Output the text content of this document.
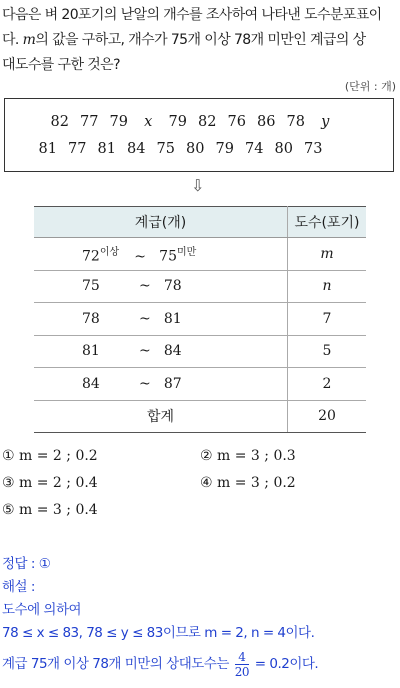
다음은 벼 20포기의 낟알의 개수를 조사하여 나타낸 도수분포표이
다. m의 값을 구하고, 개수가 75개 이상 78개 미만인 계급의 상
대도수를 구한 것은?
(단위 : 개)
82 77 79	x	79 82 76 86 78	y
81 77 81 84 75 80 79 74 80 73
⇩
계급(개)	도수(포기)
$72^{이상}$ ~ $75^{미만}$	m
75 ~ 78	n
78 ~ 81	7
81 ~ 84	5
84 ~ 87	2
합계	20
① m = 2 ; 0.2	② m = 3 ; 0.3
③ m = 2 ; 0.4	④ m = 3 ; 0.2
⑤ m = 3 ; 0.4
정답 : ①
해설 :
도수에 의하여
78 ≤ x ≤ 83, 78 ≤ y ≤ 83이므로 m = 2, n = 4이다.
계급 75개 이상 78개 미만의 상대도수는 $\frac{4}{20} = 0.2$이다.
